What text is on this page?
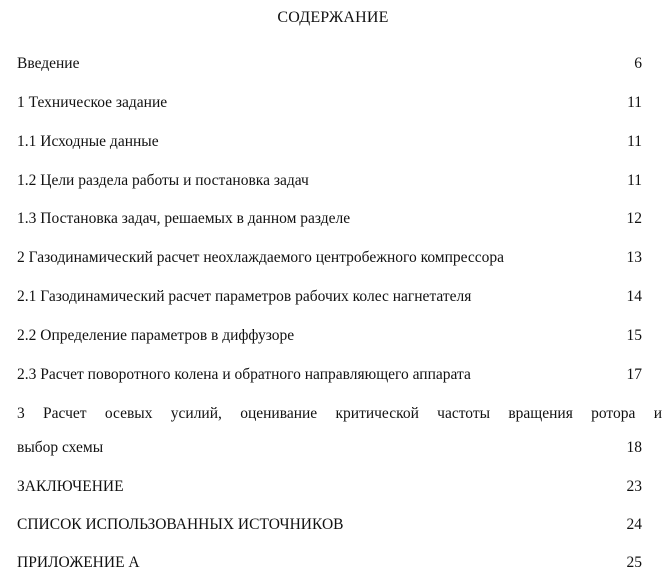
СОДЕРЖАНИЕ
Введение	6
1 Техническое задание	11
1.1 Исходные данные	11
1.2 Цели раздела работы и постановка задач	11
1.3 Постановка задач, решаемых в данном разделе	12
2 Газодинамический расчет неохлаждаемого центробежного компрессора	13
2.1 Газодинамический расчет параметров рабочих колес нагнетателя	14
2.2 Определение параметров в диффузоре	15
2.3 Расчет поворотного колена и обратного направляющего аппарата	17
3 Расчет осевых усилий, оценивание критической частоты вращения ротора и
выбор схемы	18
ЗАКЛЮЧЕНИЕ	23
СПИСОК ИСПОЛЬЗОВАННЫХ ИСТОЧНИКОВ	24
ПРИЛОЖЕНИЕ А	25
